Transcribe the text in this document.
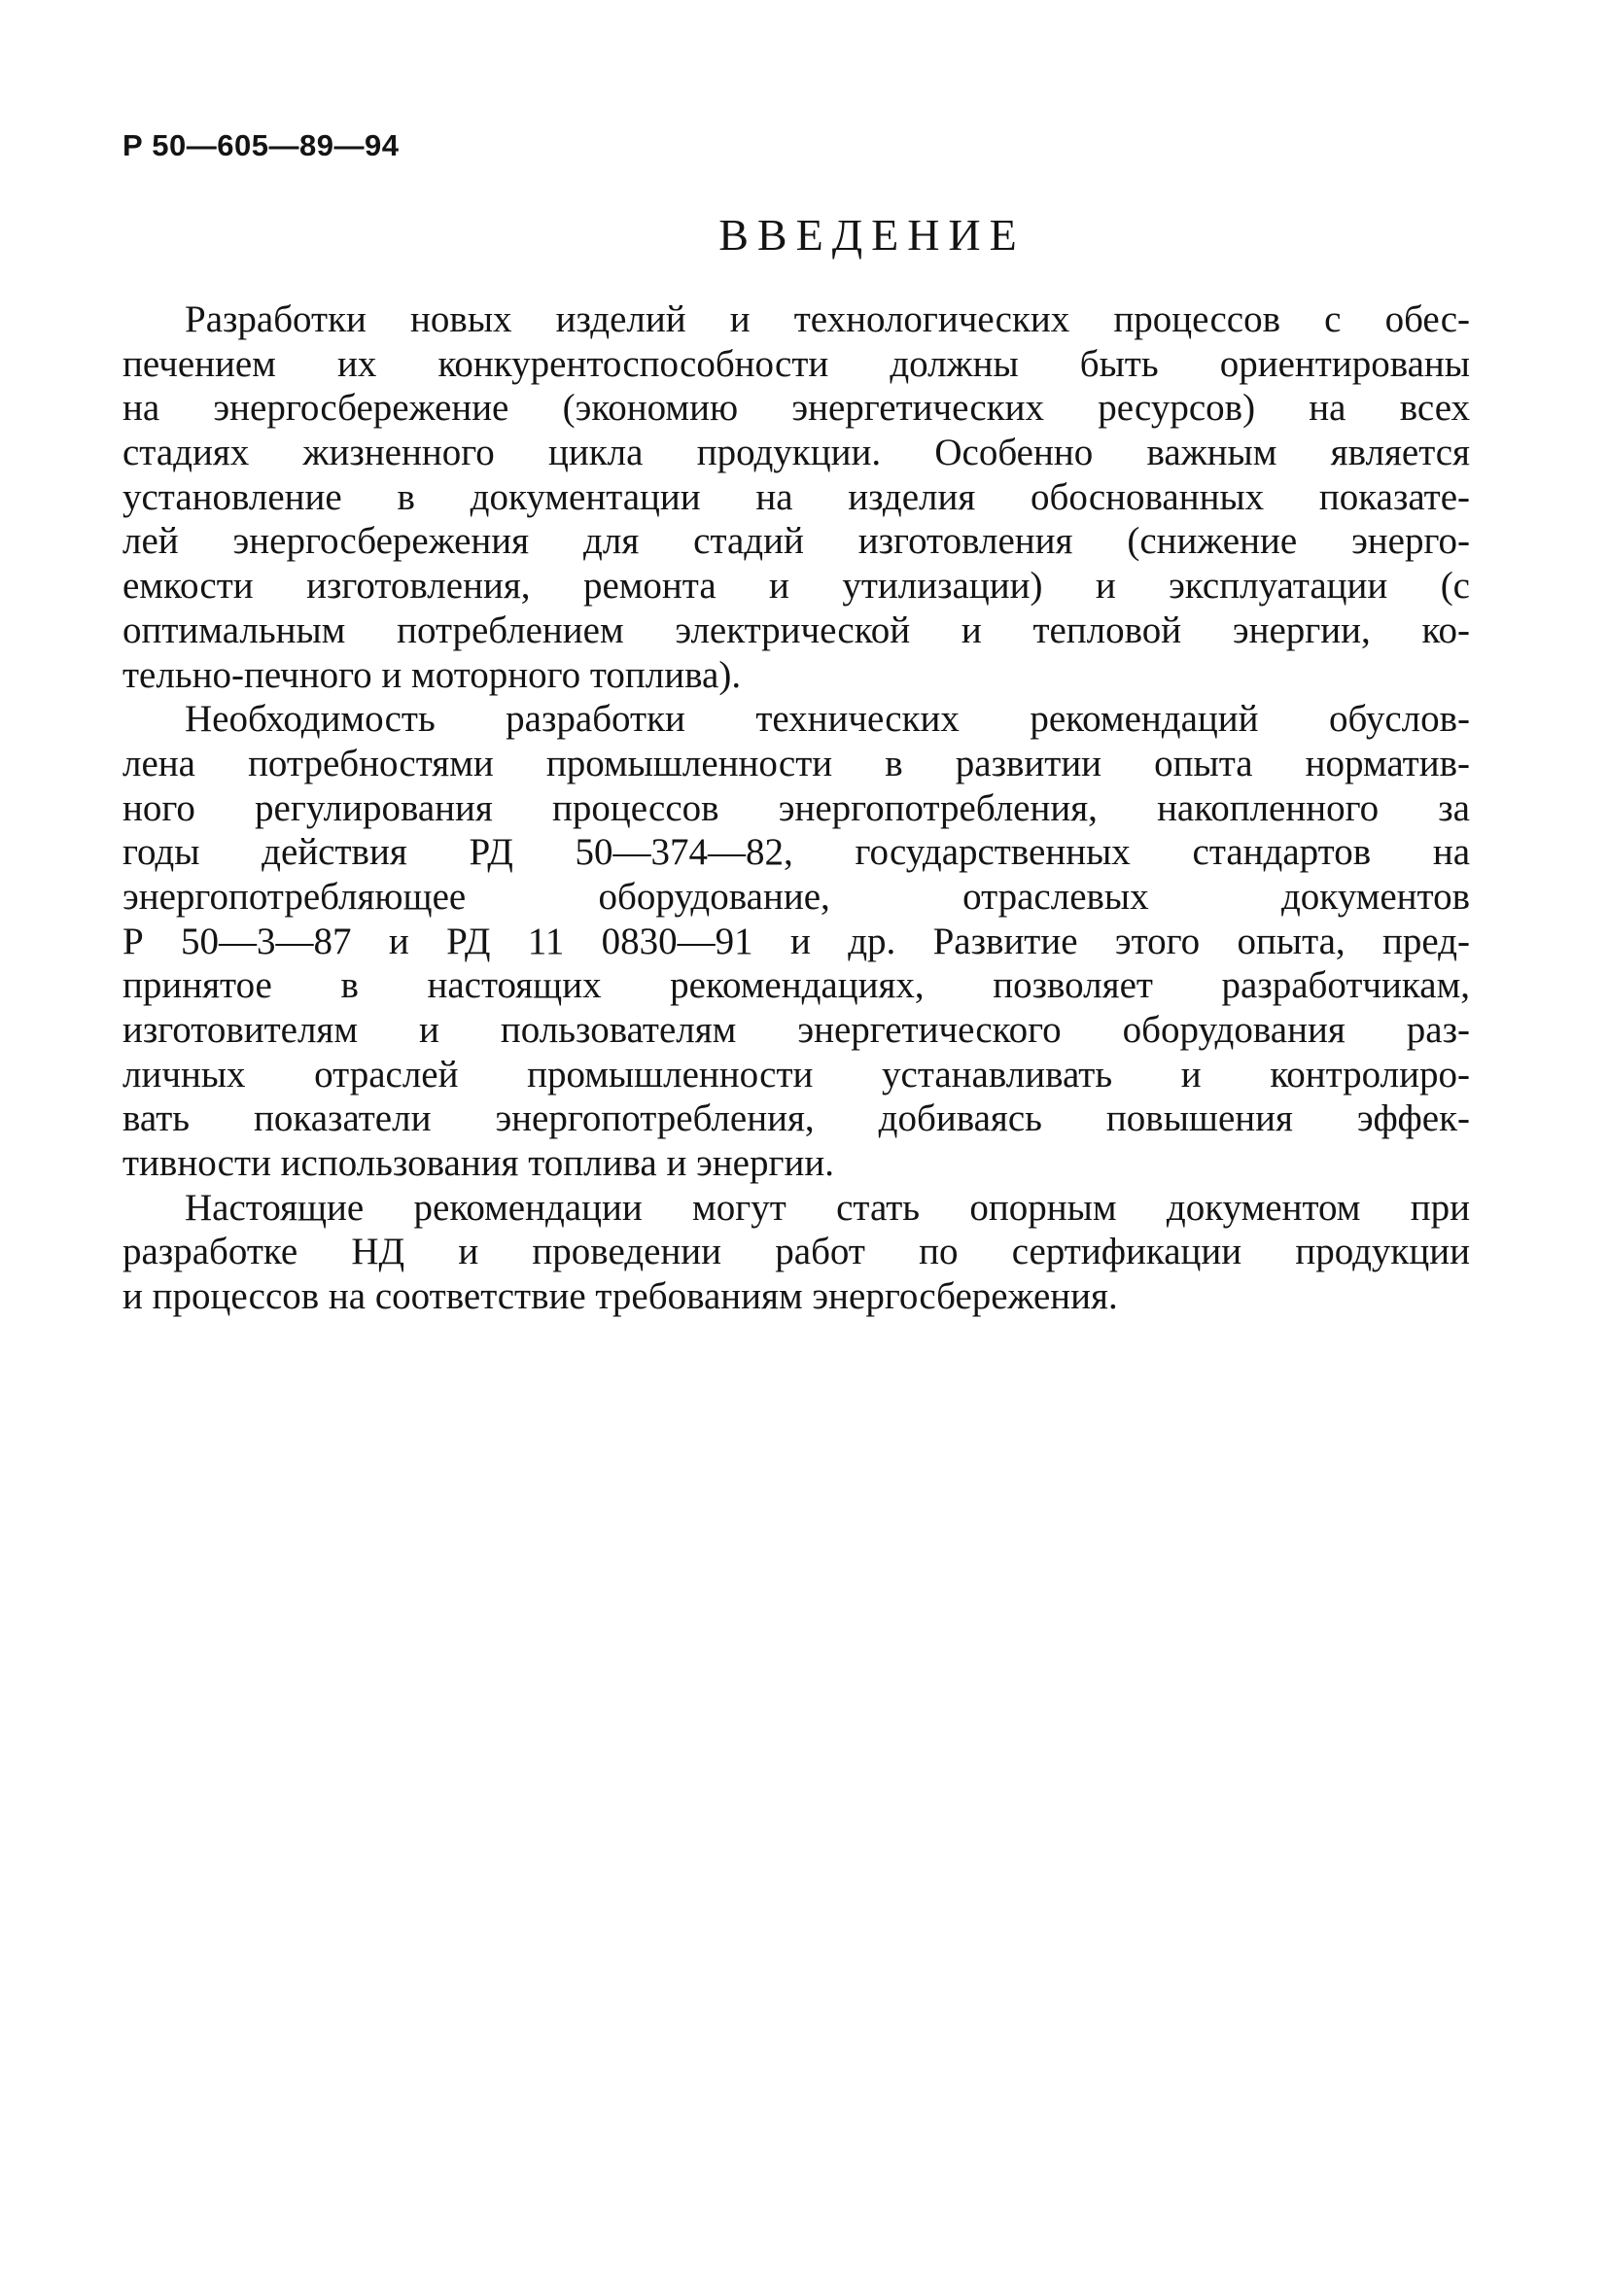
Р 50—605—89—94
ВВЕДЕНИЕ
Разработки новых изделий и технологических процессов с обес-
печением их конкурентоспособности должны быть ориентированы
на энергосбережение (экономию энергетических ресурсов) на всех
стадиях жизненного цикла продукции. Особенно важным является
установление в документации на изделия обоснованных показате-
лей энергосбережения для стадий изготовления (снижение энерго-
емкости изготовления, ремонта и утилизации) и эксплуатации (с
оптимальным потреблением электрической и тепловой энергии, ко-
тельно-печного и моторного топлива).
Необходимость разработки технических рекомендаций обуслов-
лена потребностями промышленности в развитии опыта норматив-
ного регулирования процессов энергопотребления, накопленного за
годы действия РД 50—374—82, государственных стандартов на
энергопотребляющее оборудование, отраслевых документов
Р 50—3—87 и РД 11 0830—91 и др. Развитие этого опыта, пред-
принятое в настоящих рекомендациях, позволяет разработчикам,
изготовителям и пользователям энергетического оборудования раз-
личных отраслей промышленности устанавливать и контролиро-
вать показатели энергопотребления, добиваясь повышения эффек-
тивности использования топлива и энергии.
Настоящие рекомендации могут стать опорным документом при
разработке НД и проведении работ по сертификации продукции
и процессов на соответствие требованиям энергосбережения.
